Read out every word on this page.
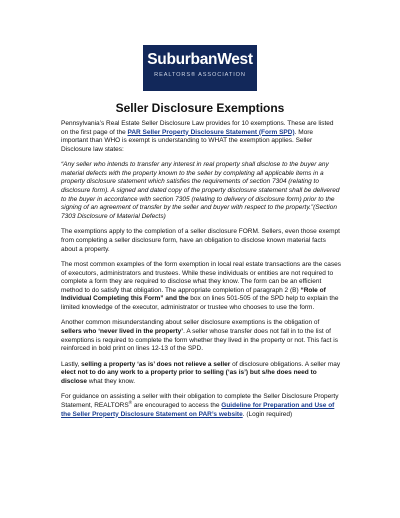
SuburbanWest
REALTORS® ASSOCIATION
Seller Disclosure Exemptions

Pennsylvania’s Real Estate Seller Disclosure Law provides for 10 exemptions. These are listed on the first page of the PAR Seller Property Disclosure Statement (Form SPD). More important than WHO is exempt is understanding to WHAT the exemption applies. Seller Disclosure law states:

“Any seller who intends to transfer any interest in real property shall disclose to the buyer any material defects with the property known to the seller by completing all applicable items in a property disclosure statement which satisfies the requirements of section 7304 (relating to disclosure form). A signed and dated copy of the property disclosure statement shall be delivered to the buyer in accordance with section 7305 (relating to delivery of disclosure form) prior to the signing of an agreement of transfer by the seller and buyer with respect to the property.”(Section 7303 Disclosure of Material Defects)

The exemptions apply to the completion of a seller disclosure FORM. Sellers, even those exempt from completing a seller disclosure form, have an obligation to disclose known material facts about a property.

The most common examples of the form exemption in local real estate transactions are the cases of executors, administrators and trustees. While these individuals or entities are not required to complete a form they are required to disclose what they know. The form can be an efficient method to do satisfy that obligation. The appropriate completion of paragraph 2 (B) “Role of Individual Completing this Form” and the box on lines 501-505 of the SPD help to explain the limited knowledge of the executor, administrator or trustee who chooses to use the form.

Another common misunderstanding about seller disclosure exemptions is the obligation of sellers who ‘never lived in the property’. A seller whose transfer does not fall in to the list of exemptions is required to complete the form whether they lived in the property or not. This fact is reinforced in bold print on lines 12-13 of the SPD.

Lastly, selling a property ‘as is’ does not relieve a seller of disclosure obligations. A seller may elect not to do any work to a property prior to selling (‘as is’) but s/he does need to disclose what they know.

For guidance on assisting a seller with their obligation to complete the Seller Disclosure Property Statement, REALTORS® are encouraged to access the Guideline for Preparation and Use of the Seller Property Disclosure Statement on PAR’s website. (Login required)
